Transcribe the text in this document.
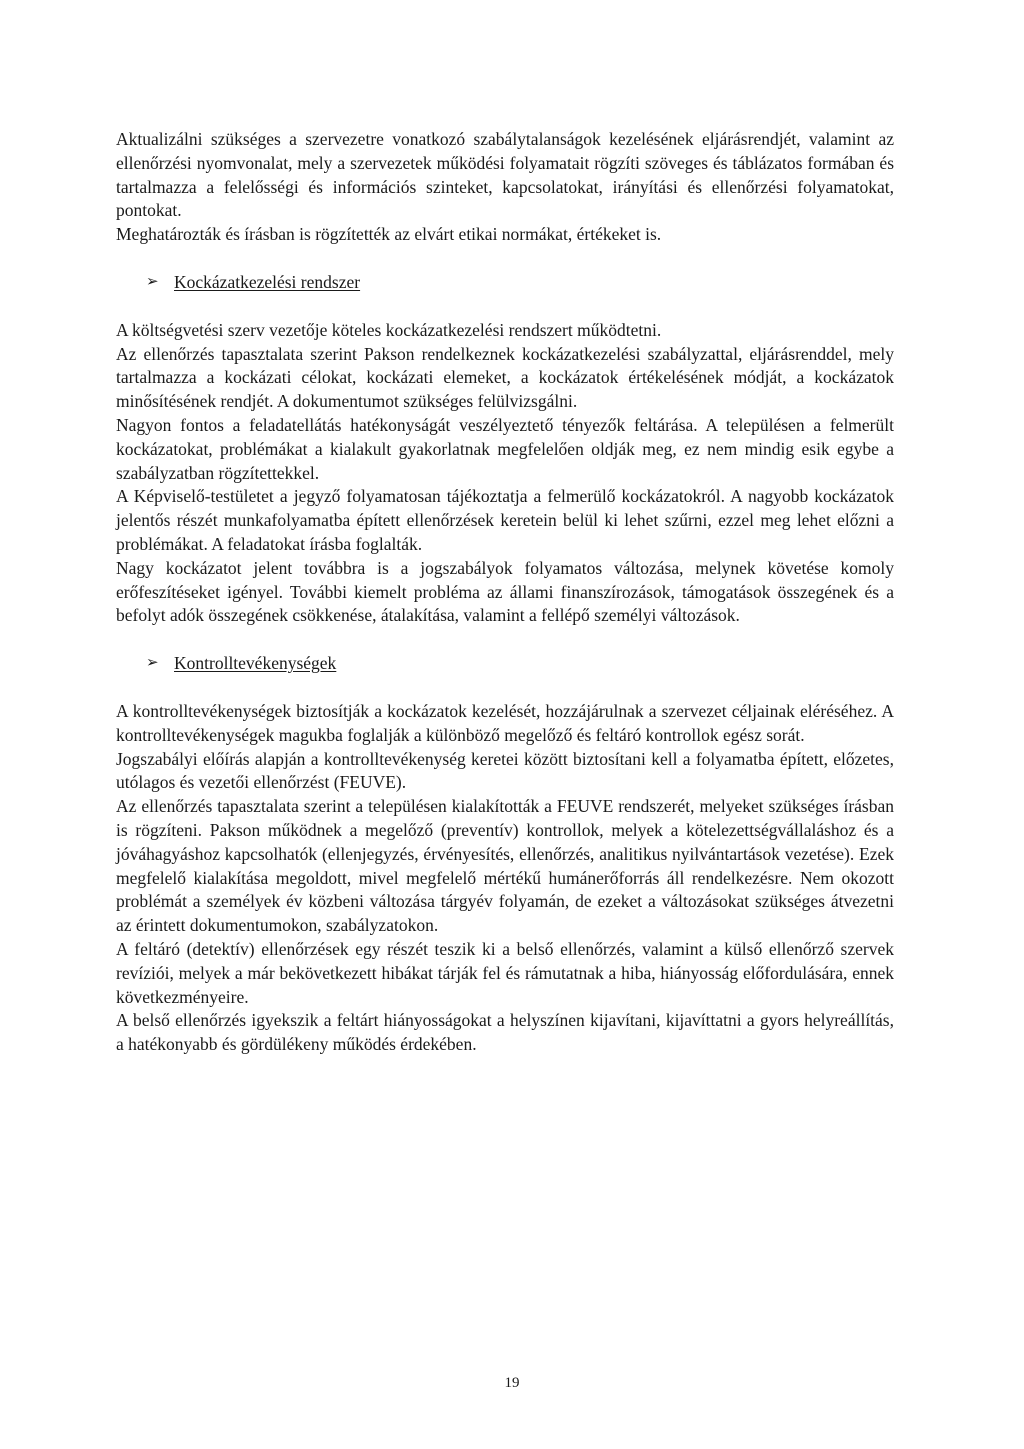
Aktualizálni szükséges a szervezetre vonatkozó szabálytalanságok kezelésének eljárásrendjét, valamint az ellenőrzési nyomvonalat, mely a szervezetek működési folyamatait rögzíti szöveges és táblázatos formában és tartalmazza a felelősségi és információs szinteket, kapcsolatokat, irányítási és ellenőrzési folyamatokat, pontokat.

Meghatározták és írásban is rögzítették az elvárt etikai normákat, értékeket is.

➢ Kockázatkezelési rendszer

A költségvetési szerv vezetője köteles kockázatkezelési rendszert működtetni.

Az ellenőrzés tapasztalata szerint Pakson rendelkeznek kockázatkezelési szabályzattal, eljárásrenddel, mely tartalmazza a kockázati célokat, kockázati elemeket, a kockázatok értékelésének módját, a kockázatok minősítésének rendjét. A dokumentumot szükséges felülvizsgálni.

Nagyon fontos a feladatellátás hatékonyságát veszélyeztető tényezők feltárása. A településen a felmerült kockázatokat, problémákat a kialakult gyakorlatnak megfelelően oldják meg, ez nem mindig esik egybe a szabályzatban rögzítettekkel.

A Képviselő-testületet a jegyző folyamatosan tájékoztatja a felmerülő kockázatokról. A nagyobb kockázatok jelentős részét munkafolyamatba épített ellenőrzések keretein belül ki lehet szűrni, ezzel meg lehet előzni a problémákat. A feladatokat írásba foglalták.

Nagy kockázatot jelent továbbra is a jogszabályok folyamatos változása, melynek követése komoly erőfeszítéseket igényel. További kiemelt probléma az állami finanszírozások, támogatások összegének és a befolyt adók összegének csökkenése, átalakítása, valamint a fellépő személyi változások.

➢ Kontrolltevékenységek

A kontrolltevékenységek biztosítják a kockázatok kezelését, hozzájárulnak a szervezet céljainak eléréséhez. A kontrolltevékenységek magukba foglalják a különböző megelőző és feltáró kontrollok egész sorát.

Jogszabályi előírás alapján a kontrolltevékenység keretei között biztosítani kell a folyamatba épített, előzetes, utólagos és vezetői ellenőrzést (FEUVE).

Az ellenőrzés tapasztalata szerint a településen kialakították a FEUVE rendszerét, melyeket szükséges írásban is rögzíteni. Pakson működnek a megelőző (preventív) kontrollok, melyek a kötelezettségvállaláshoz és a jóváhagyáshoz kapcsolhatók (ellenjegyzés, érvényesítés, ellenőrzés, analitikus nyilvántartások vezetése). Ezek megfelelő kialakítása megoldott, mivel megfelelő mértékű humánerőforrás áll rendelkezésre. Nem okozott problémát a személyek év közbeni változása tárgyév folyamán, de ezeket a változásokat szükséges átvezetni az érintett dokumentumokon, szabályzatokon.

A feltáró (detektív) ellenőrzések egy részét teszik ki a belső ellenőrzés, valamint a külső ellenőrző szervek revíziói, melyek a már bekövetkezett hibákat tárják fel és rámutatnak a hiba, hiányosság előfordulására, ennek következményeire.

A belső ellenőrzés igyekszik a feltárt hiányosságokat a helyszínen kijavítani, kijavíttatni a gyors helyreállítás, a hatékonyabb és gördülékeny működés érdekében.

19
